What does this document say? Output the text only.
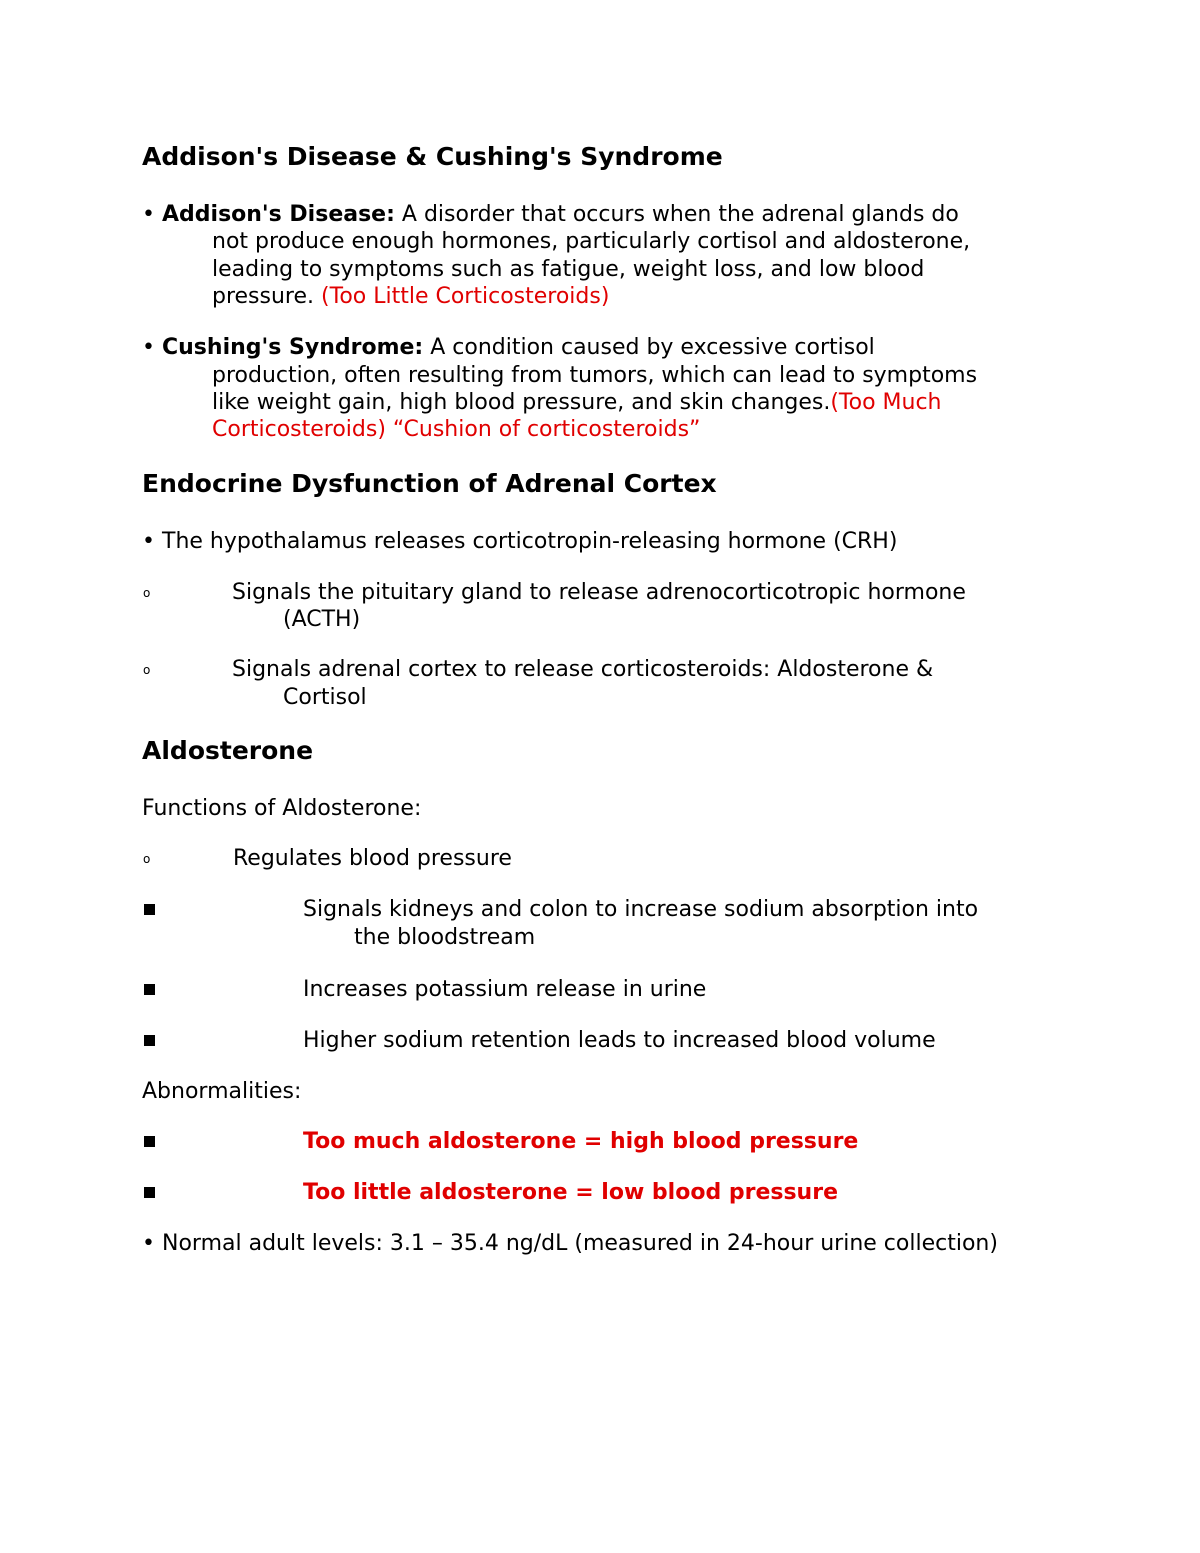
Addison's Disease & Cushing's Syndrome
• Addison's Disease: A disorder that occurs when the adrenal glands do
not produce enough hormones, particularly cortisol and aldosterone,
leading to symptoms such as fatigue, weight loss, and low blood
pressure. (Too Little Corticosteroids)
• Cushing's Syndrome: A condition caused by excessive cortisol
production, often resulting from tumors, which can lead to symptoms
like weight gain, high blood pressure, and skin changes.(Too Much
Corticosteroids) “Cushion of corticosteroids”
Endocrine Dysfunction of Adrenal Cortex
• The hypothalamus releases corticotropin-releasing hormone (CRH)
o	Signals the pituitary gland to release adrenocorticotropic hormone
(ACTH)
o	Signals adrenal cortex to release corticosteroids: Aldosterone &
Cortisol
Aldosterone
Functions of Aldosterone:
o	Regulates blood pressure
Signals kidneys and colon to increase sodium absorption into
the bloodstream
Increases potassium release in urine
Higher sodium retention leads to increased blood volume
Abnormalities:
Too much aldosterone = high blood pressure
Too little aldosterone = low blood pressure
• Normal adult levels: 3.1 – 35.4 ng/dL (measured in 24-hour urine collection)
